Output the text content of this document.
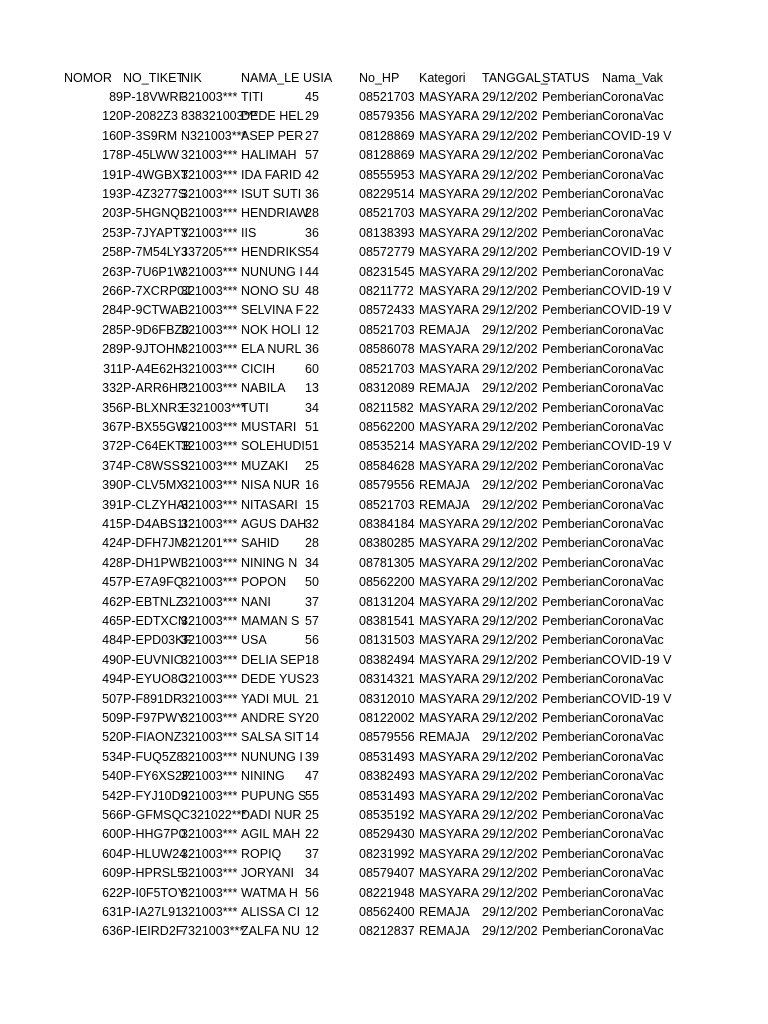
NOMOR	NO_TIKET	NIK	NAMA_LE	USIA	No_HP	Kategori	TANGGAL_	STATUS	Nama_Vak
89	P-18VWRF	321003***	TITI	45	08521703	MASYARA	29/12/202	Pemberian	CoronaVac
120	P-2082Z3	838321003***	DEDE HEL	29	08579356	MASYARA	29/12/202	Pemberian	CoronaVac
160	P-3S9RM	N321003***	ASEP PER	27	08128869	MASYARA	29/12/202	Pemberian	COVID-19 V
178	P-45LWW	321003***	HALIMAH	57	08128869	MASYARA	29/12/202	Pemberian	CoronaVac
191	P-4WGBXT	321003***	IDA FARID	42	08555953	MASYARA	29/12/202	Pemberian	CoronaVac
193	P-4Z3277S	321003***	ISUT SUTI	36	08229514	MASYARA	29/12/202	Pemberian	CoronaVac
203	P-5HGNQL	321003***	HENDRIAW	28	08521703	MASYARA	29/12/202	Pemberian	CoronaVac
253	P-7JYAPTY	321003***	IIS	36	08138393	MASYARA	29/12/202	Pemberian	CoronaVac
258	P-7M54LYJ	337205***	HENDRIKS	54	08572779	MASYARA	29/12/202	Pemberian	COVID-19 V
263	P-7U6P1W	321003***	NUNUNG I	44	08231545	MASYARA	29/12/202	Pemberian	CoronaVac
266	P-7XCRP0J	321003***	NONO SU	48	08211772	MASYARA	29/12/202	Pemberian	COVID-19 V
284	P-9CTWAE	321003***	SELVINA F	22	08572433	MASYARA	29/12/202	Pemberian	COVID-19 V
285	P-9D6FBZ0	321003***	NOK HOLI	12	08521703	REMAJA	29/12/202	Pemberian	CoronaVac
289	P-9JTOHM	321003***	ELA NURL	36	08586078	MASYARA	29/12/202	Pemberian	CoronaVac
311	P-A4E62H	321003***	CICIH	60	08521703	MASYARA	29/12/202	Pemberian	CoronaVac
332	P-ARR6HP	321003***	NABILA	13	08312089	REMAJA	29/12/202	Pemberian	CoronaVac
356	P-BLXNR3	E321003***	TUTI	34	08211582	MASYARA	29/12/202	Pemberian	CoronaVac
367	P-BX55GW	321003***	MUSTARI	51	08562200	MASYARA	29/12/202	Pemberian	CoronaVac
372	P-C64EKTB	321003***	SOLEHUDI	51	08535214	MASYARA	29/12/202	Pemberian	COVID-19 V
374	P-C8WSSS	321003***	MUZAKI	25	08584628	MASYARA	29/12/202	Pemberian	CoronaVac
390	P-CLV5MX	321003***	NISA NUR	16	08579556	REMAJA	29/12/202	Pemberian	CoronaVac
391	P-CLZYHAI	321003***	NITASARI	15	08521703	REMAJA	29/12/202	Pemberian	CoronaVac
415	P-D4ABS1I	321003***	AGUS DAH	32	08384184	MASYARA	29/12/202	Pemberian	CoronaVac
424	P-DFH7JM	321201***	SAHID	28	08380285	MASYARA	29/12/202	Pemberian	CoronaVac
428	P-DH1PWI	321003***	NINING N	34	08781305	MASYARA	29/12/202	Pemberian	CoronaVac
457	P-E7A9FQ	321003***	POPON	50	08562200	MASYARA	29/12/202	Pemberian	CoronaVac
462	P-EBTNLZ	321003***	NANI	37	08131204	MASYARA	29/12/202	Pemberian	CoronaVac
465	P-EDTXCN	321003***	MAMAN S	57	08381541	MASYARA	29/12/202	Pemberian	CoronaVac
484	P-EPD03KF	321003***	USA	56	08131503	MASYARA	29/12/202	Pemberian	CoronaVac
490	P-EUVNIO	321003***	DELIA SEP	18	08382494	MASYARA	29/12/202	Pemberian	COVID-19 V
494	P-EYUO8C	321003***	DEDE YUS	23	08314321	MASYARA	29/12/202	Pemberian	CoronaVac
507	P-F891DR	321003***	YADI MUL	21	08312010	MASYARA	29/12/202	Pemberian	COVID-19 V
509	P-F97PWY	321003***	ANDRE SY	20	08122002	MASYARA	29/12/202	Pemberian	CoronaVac
520	P-FIAONZ	321003***	SALSA SIT	14	08579556	REMAJA	29/12/202	Pemberian	CoronaVac
534	P-FUQ5Z8	321003***	NUNUNG I	39	08531493	MASYARA	29/12/202	Pemberian	CoronaVac
540	P-FY6XS2P	321003***	NINING	47	08382493	MASYARA	29/12/202	Pemberian	CoronaVac
542	P-FYJ10D9	321003***	PUPUNG S	55	08531493	MASYARA	29/12/202	Pemberian	CoronaVac
566	P-GFMSQ	C321022***	DADI NUR	25	08535192	MASYARA	29/12/202	Pemberian	CoronaVac
600	P-HHG7P0	321003***	AGIL MAH	22	08529430	MASYARA	29/12/202	Pemberian	CoronaVac
604	P-HLUW24	321003***	ROPIQ	37	08231992	MASYARA	29/12/202	Pemberian	CoronaVac
609	P-HPRSL5	321003***	JORYANI	34	08579407	MASYARA	29/12/202	Pemberian	CoronaVac
622	P-I0F5TOY	321003***	WATMA H	56	08221948	MASYARA	29/12/202	Pemberian	CoronaVac
631	P-IA27L91	321003***	ALISSA CI	12	08562400	REMAJA	29/12/202	Pemberian	CoronaVac
636	P-IEIRD2F	7321003***	ZALFA NU	12	08212837	REMAJA	29/12/202	Pemberian	CoronaVac
